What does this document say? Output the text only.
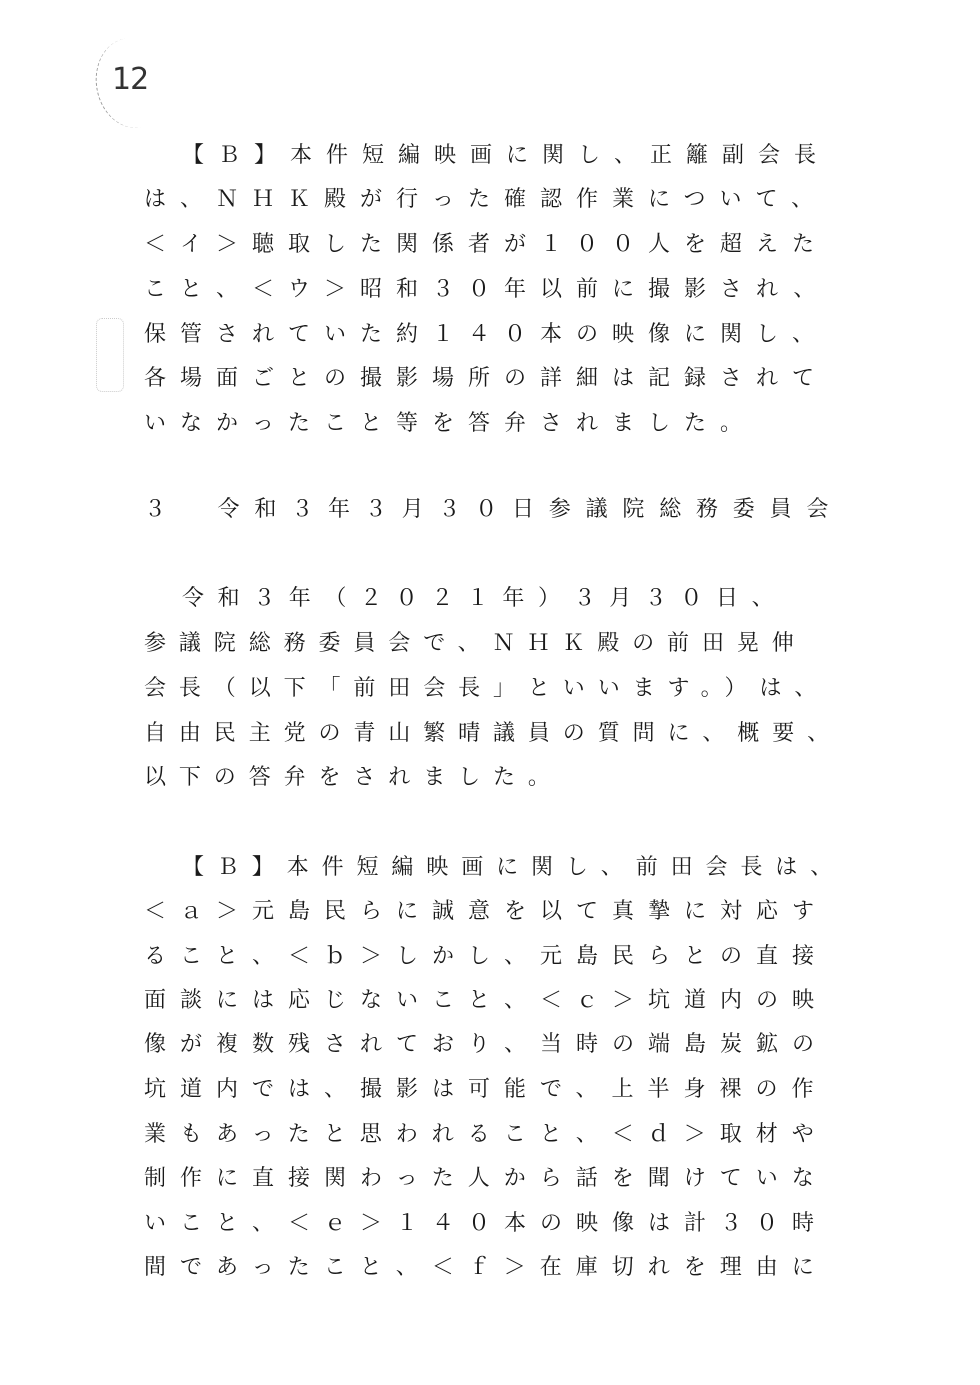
12
【Ｂ】本件短編映画に関し、正籬副会長
は、ＮＨＫ殿が行った確認作業について、
＜イ＞聴取した関係者が１００人を超えた
こと、＜ウ＞昭和３０年以前に撮影され、
保管されていた約１４０本の映像に関し、
各場面ごとの撮影場所の詳細は記録されて
いなかったこと等を答弁されました。
３　令和３年３月３０日参議院総務委員会
令和３年（２０２１年）３月３０日、
参議院総務委員会で、ＮＨＫ殿の前田晃伸
会長（以下「前田会長」といいます。）は、
自由民主党の青山繁晴議員の質問に、概要、
以下の答弁をされました。
【Ｂ】本件短編映画に関し、前田会長は、
＜ａ＞元島民らに誠意を以て真摯に対応す
ること、＜ｂ＞しかし、元島民らとの直接
面談には応じないこと、＜ｃ＞坑道内の映
像が複数残されており、当時の端島炭鉱の
坑道内では、撮影は可能で、上半身裸の作
業もあったと思われること、＜ｄ＞取材や
制作に直接関わった人から話を聞けていな
いこと、＜ｅ＞１４０本の映像は計３０時
間であったこと、＜ｆ＞在庫切れを理由に
